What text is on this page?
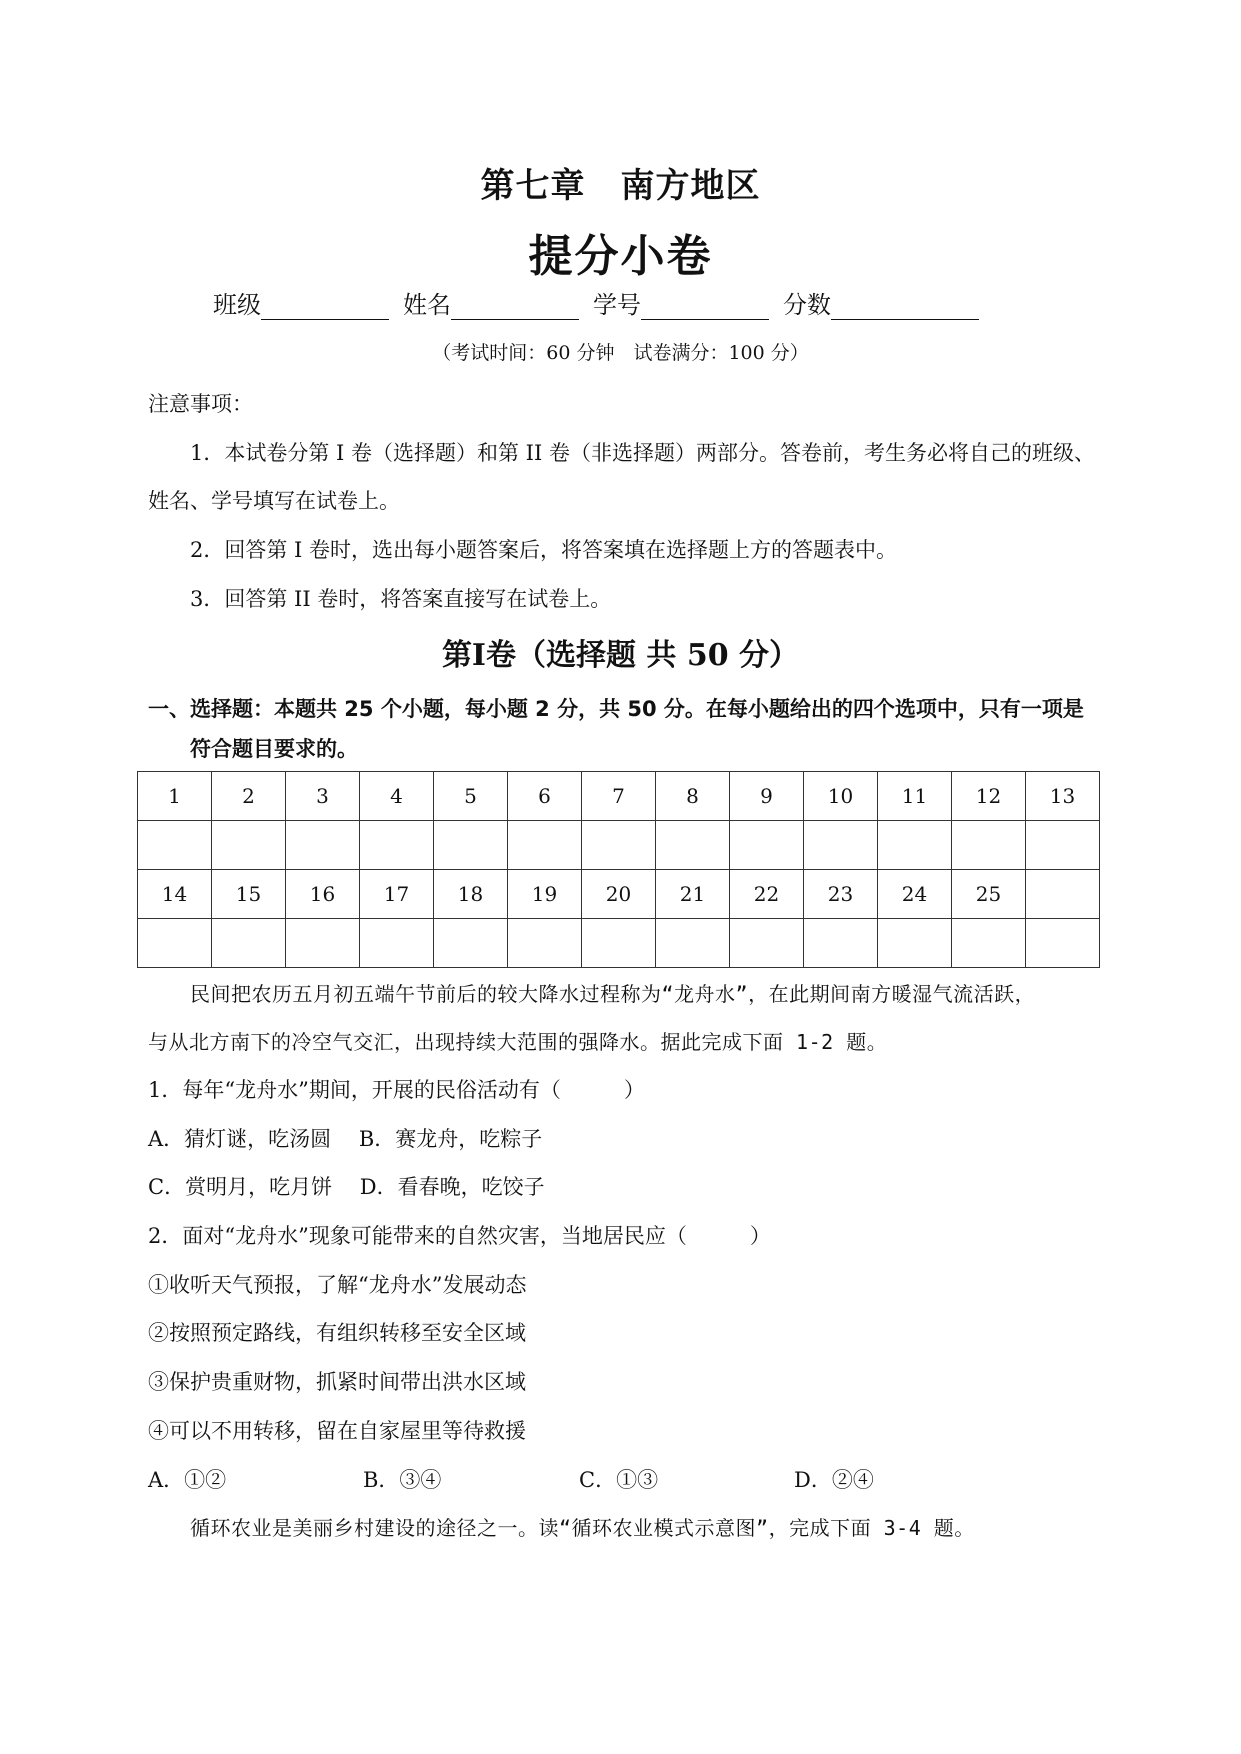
第七章　南方地区
提分小卷
班级	姓名	学号	分数
（考试时间：60 分钟　试卷满分：100 分）
注意事项：
1．本试卷分第 I 卷（选择题）和第 II 卷（非选择题）两部分。答卷前，考生务必将自己的班级、
姓名、学号填写在试卷上。
2．回答第 I 卷时，选出每小题答案后，将答案填在选择题上方的答题表中。
3．回答第 II 卷时，将答案直接写在试卷上。
第I卷（选择题 共 50 分）
一、选择题：本题共 25 个小题，每小题 2 分，共 50 分。在每小题给出的四个选项中，只有一项是
符合题目要求的。
1	2	3	4	5	6	7	8	9	10	11	12	13

14	15	16	17	18	19	20	21	22	23	24	25	

民间把农历五月初五端午节前后的较大降水过程称为“龙舟水”，在此期间南方暖湿气流活跃，
与从北方南下的冷空气交汇，出现持续大范围的强降水。据此完成下面 1-2 题。
1．每年“龙舟水”期间，开展的民俗活动有（　　　）
A．猜灯谜，吃汤圆　 B．赛龙舟，吃粽子
C．赏明月，吃月饼　 D．看春晚，吃饺子
2．面对“龙舟水”现象可能带来的自然灾害，当地居民应（　　　）
①收听天气预报，了解“龙舟水”发展动态
②按照预定路线，有组织转移至安全区域
③保护贵重财物，抓紧时间带出洪水区域
④可以不用转移，留在自家屋里等待救援
A．①②	B．③④	C．①③	D．②④
循环农业是美丽乡村建设的途径之一。读“循环农业模式示意图”，完成下面 3-4 题。
